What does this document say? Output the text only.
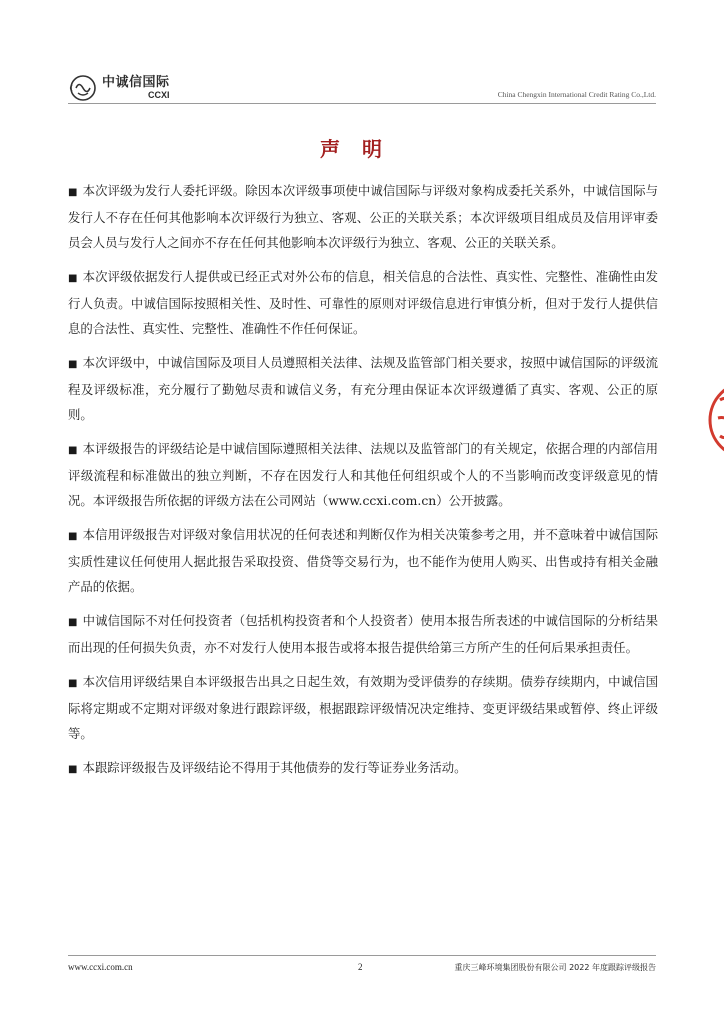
中诚信国际
CCXI	China Chengxin International Credit Rating Co.,Ltd.
声明

■ 本次评级为发行人委托评级。除因本次评级事项使中诚信国际与评级对象构成委托关系外，中诚信国际与发行人不存在任何其他影响本次评级行为独立、客观、公正的关联关系；本次评级项目组成员及信用评审委员会人员与发行人之间亦不存在任何其他影响本次评级行为独立、客观、公正的关联关系。

■ 本次评级依据发行人提供或已经正式对外公布的信息，相关信息的合法性、真实性、完整性、准确性由发行人负责。中诚信国际按照相关性、及时性、可靠性的原则对评级信息进行审慎分析，但对于发行人提供信息的合法性、真实性、完整性、准确性不作任何保证。

■ 本次评级中，中诚信国际及项目人员遵照相关法律、法规及监管部门相关要求，按照中诚信国际的评级流程及评级标准，充分履行了勤勉尽责和诚信义务，有充分理由保证本次评级遵循了真实、客观、公正的原则。

■ 本评级报告的评级结论是中诚信国际遵照相关法律、法规以及监管部门的有关规定，依据合理的内部信用评级流程和标准做出的独立判断，不存在因发行人和其他任何组织或个人的不当影响而改变评级意见的情况。本评级报告所依据的评级方法在公司网站（www.ccxi.com.cn）公开披露。

■ 本信用评级报告对评级对象信用状况的任何表述和判断仅作为相关决策参考之用，并不意味着中诚信国际实质性建议任何使用人据此报告采取投资、借贷等交易行为，也不能作为使用人购买、出售或持有相关金融产品的依据。

■ 中诚信国际不对任何投资者（包括机构投资者和个人投资者）使用本报告所表述的中诚信国际的分析结果而出现的任何损失负责，亦不对发行人使用本报告或将本报告提供给第三方所产生的任何后果承担责任。

■ 本次信用评级结果自本评级报告出具之日起生效，有效期为受评债券的存续期。债券存续期内，中诚信国际将定期或不定期对评级对象进行跟踪评级，根据跟踪评级情况决定维持、变更评级结果或暂停、终止评级等。

■ 本跟踪评级报告及评级结论不得用于其他债券的发行等证券业务活动。

www.ccxi.com.cn	2	重庆三峰环境集团股份有限公司 2022 年度跟踪评级报告
